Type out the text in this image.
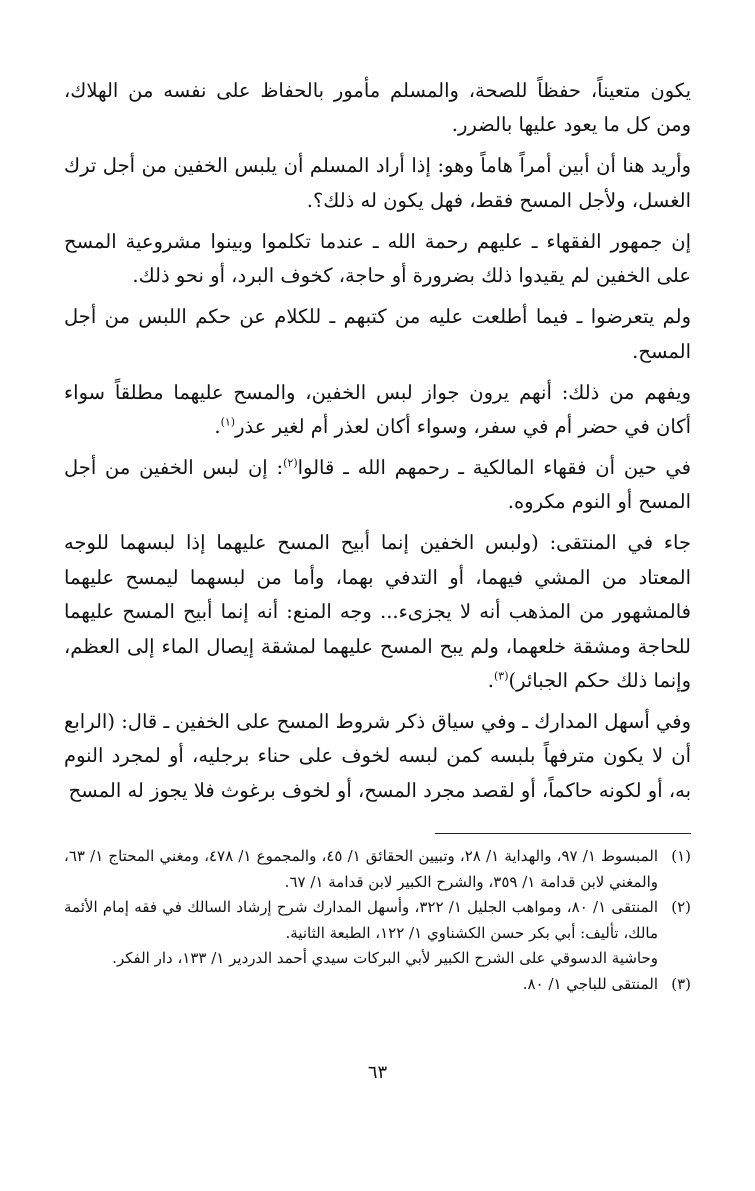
يكون متعيناً، حفظاً للصحة، والمسلم مأمور بالحفاظ على نفسه من الهلاك، ومن كل ما يعود عليها بالضرر.

وأريد هنا أن أبين أمراً هاماً وهو: إذا أراد المسلم أن يلبس الخفين من أجل ترك الغسل، ولأجل المسح فقط، فهل يكون له ذلك؟.

إن جمهور الفقهاء ـ عليهم رحمة الله ـ عندما تكلموا وبينوا مشروعية المسح على الخفين لم يقيدوا ذلك بضرورة أو حاجة، كخوف البرد، أو نحو ذلك.

ولم يتعرضوا ـ فيما أطلعت عليه من كتبهم ـ للكلام عن حكم اللبس من أجل المسح.

ويفهم من ذلك: أنهم يرون جواز لبس الخفين، والمسح عليهما مطلقاً سواء أكان في حضر أم في سفر، وسواء أكان لعذر أم لغير عذر$^{(١)}$.

في حين أن فقهاء المالكية ـ رحمهم الله ـ قالوا$^{(٢)}$: إن لبس الخفين من أجل المسح أو النوم مكروه.

جاء في المنتقى: (ولبس الخفين إنما أبيح المسح عليهما إذا لبسهما للوجه المعتاد من المشي فيهما، أو التدفي بهما، وأما من لبسهما ليمسح عليهما فالمشهور من المذهب أنه لا يجزىء... وجه المنع: أنه إنما أبيح المسح عليهما للحاجة ومشقة خلعهما، ولم يبح المسح عليهما لمشقة إيصال الماء إلى العظم، وإنما ذلك حكم الجبائر)$^{(٣)}$.

وفي أسهل المدارك ـ وفي سياق ذكر شروط المسح على الخفين ـ قال: (الرابع أن لا يكون مترفهاً بلبسه كمن لبسه لخوف على حناء برجليه، أو لمجرد النوم به، أو لكونه حاكماً، أو لقصد مجرد المسح، أو لخوف برغوث فلا يجوز له المسح

(١)
المبسوط ١/ ٩٧، والهداية ١/ ٢٨، وتبيين الحقائق ١/ ٤٥، والمجموع ١/ ٤٧٨، ومغني المحتاج ١/ ٦٣، والمغني لابن قدامة ١/ ٣٥٩، والشرح الكبير لابن قدامة ١/ ٦٧.

(٢)
المنتقى ١/ ٨٠، ومواهب الجليل ١/ ٣٢٢، وأسهل المدارك شرح إرشاد السالك في فقه إمام الأئمة مالك، تأليف: أبي بكر حسن الكشناوي ١/ ١٢٢، الطبعة الثانية.

وحاشية الدسوقي على الشرح الكبير لأبي البركات سيدي أحمد الدردير ١/ ١٣٣، دار الفكر.

(٣)
المنتقى للباجي ١/ ٨٠.

٦٣
